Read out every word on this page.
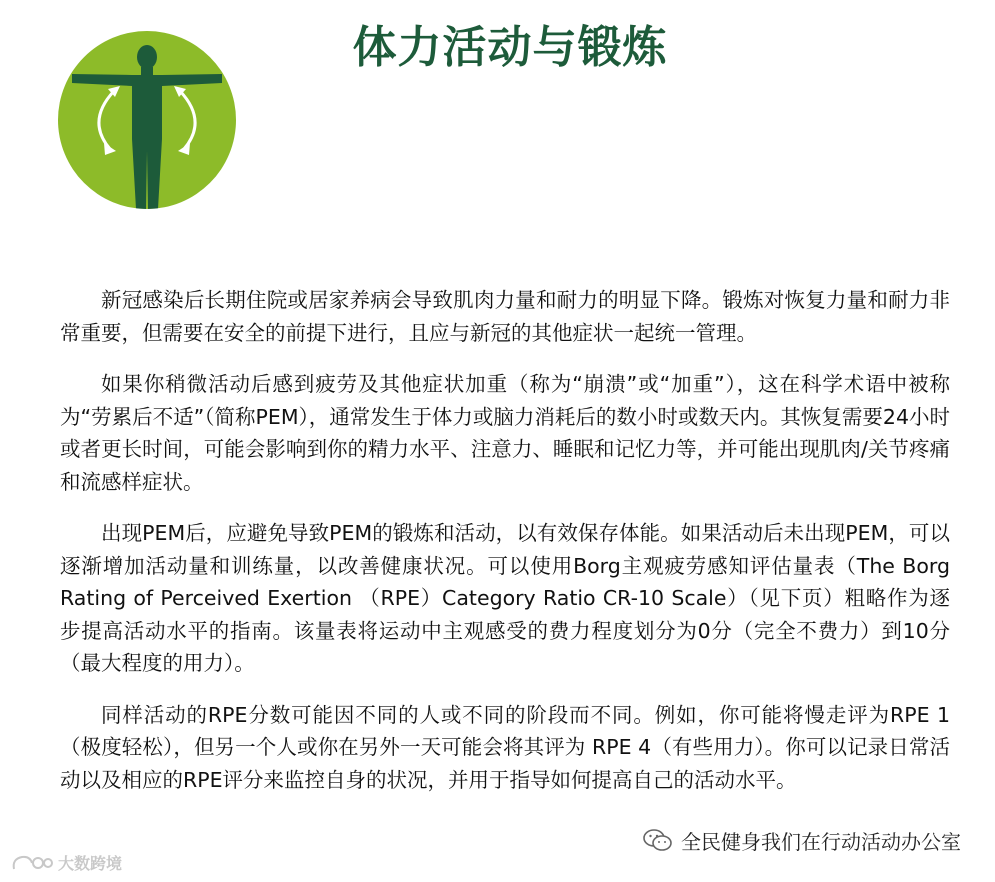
体力活动与锻炼

新冠感染后长期住院或居家养病会导致肌肉力量和耐力的明显下降。锻炼对恢复力量和耐力非常重要，但需要在安全的前提下进行，且应与新冠的其他症状一起统一管理。

如果你稍微活动后感到疲劳及其他症状加重（称为“崩溃”或“加重”），这在科学术语中被称为“劳累后不适”（简称PEM），通常发生于体力或脑力消耗后的数小时或数天内。其恢复需要24小时或者更长时间，可能会影响到你的精力水平、注意力、睡眠和记忆力等，并可能出现肌肉/关节疼痛和流感样症状。

出现PEM后，应避免导致PEM的锻炼和活动，以有效保存体能。如果活动后未出现PEM，可以逐渐增加活动量和训练量，以改善健康状况。可以使用Borg主观疲劳感知评估量表（The Borg Rating of Perceived Exertion （RPE）Category Ratio CR-10 Scale）（见下页）粗略作为逐步提高活动水平的指南。该量表将运动中主观感受的费力程度划分为0分（完全不费力）到10分（最大程度的用力）。

同样活动的RPE分数可能因不同的人或不同的阶段而不同。例如，你可能将慢走评为RPE 1（极度轻松），但另一个人或你在另外一天可能会将其评为 RPE 4（有些用力）。你可以记录日常活动以及相应的RPE评分来监控自身的状况，并用于指导如何提高自己的活动水平。

全民健身我们在行动活动办公室
大数跨境
